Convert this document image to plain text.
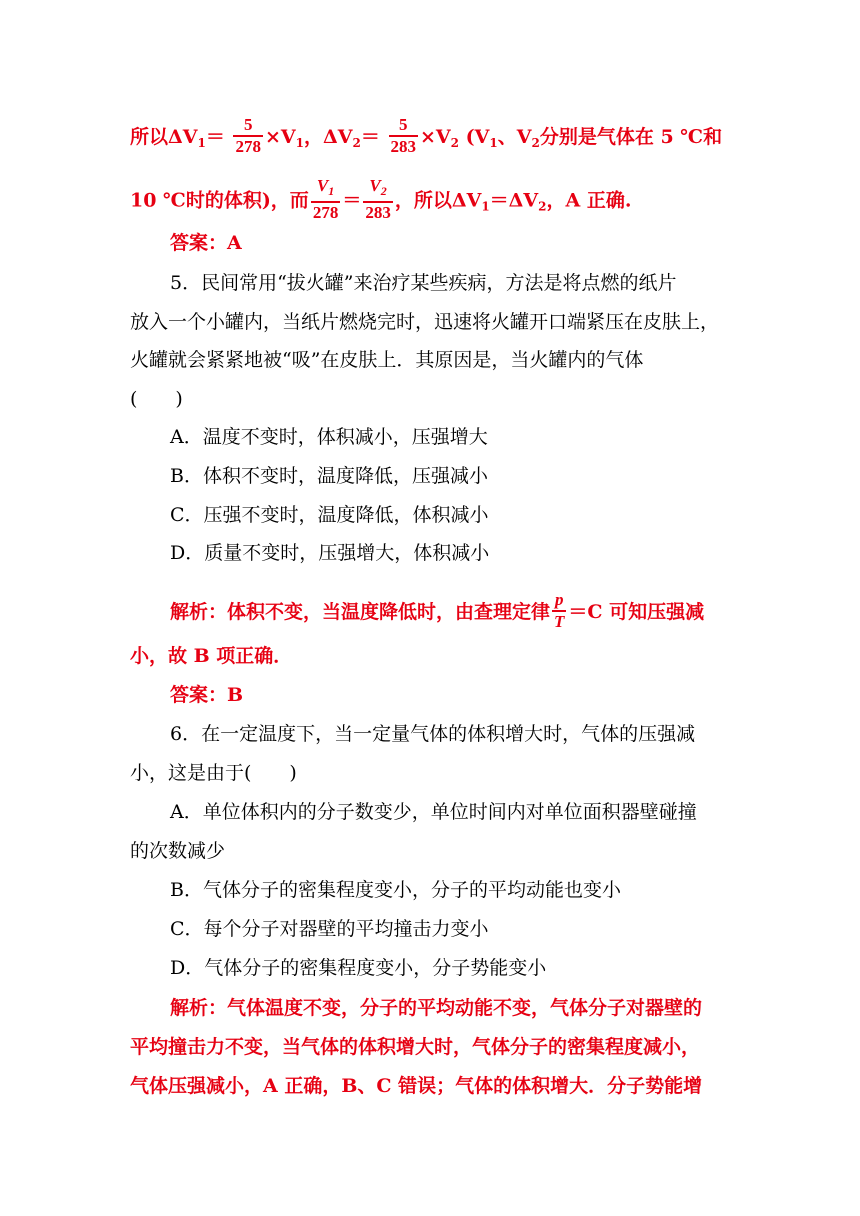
所以$\Delta V_1= \frac{5}{278} \times V_1$，$\Delta V_2= \frac{5}{283} \times V_2$ ($V_1$、$V_2$分别是气体在 5 ℃和
10 ℃时的体积)，而 $\frac{V_1}{278} = \frac{V_2}{283}$ ，所以$\Delta V_1=\Delta V_2$，A 正确.
答案：A
5．民间常用“拔火罐”来治疗某些疾病，方法是将点燃的纸片
放入一个小罐内，当纸片燃烧完时，迅速将火罐开口端紧压在皮肤上，
火罐就会紧紧地被“吸”在皮肤上．其原因是，当火罐内的气体
(　　)
A．温度不变时，体积减小，压强增大
B．体积不变时，温度降低，压强减小
C．压强不变时，温度降低，体积减小
D．质量不变时，压强增大，体积减小
解析：体积不变，当温度降低时，由查理定律 $\frac{p}{T} =C$ 可知压强减
小，故 B 项正确．
答案：B
6．在一定温度下，当一定量气体的体积增大时，气体的压强减
小，这是由于(　　)
A．单位体积内的分子数变少，单位时间内对单位面积器壁碰撞
的次数减少
B．气体分子的密集程度变小，分子的平均动能也变小
C．每个分子对器壁的平均撞击力变小
D．气体分子的密集程度变小，分子势能变小
解析：气体温度不变，分子的平均动能不变，气体分子对器壁的
平均撞击力不变，当气体的体积增大时，气体分子的密集程度减小，
气体压强减小，A 正确，B、C 错误；气体的体积增大．分子势能增
